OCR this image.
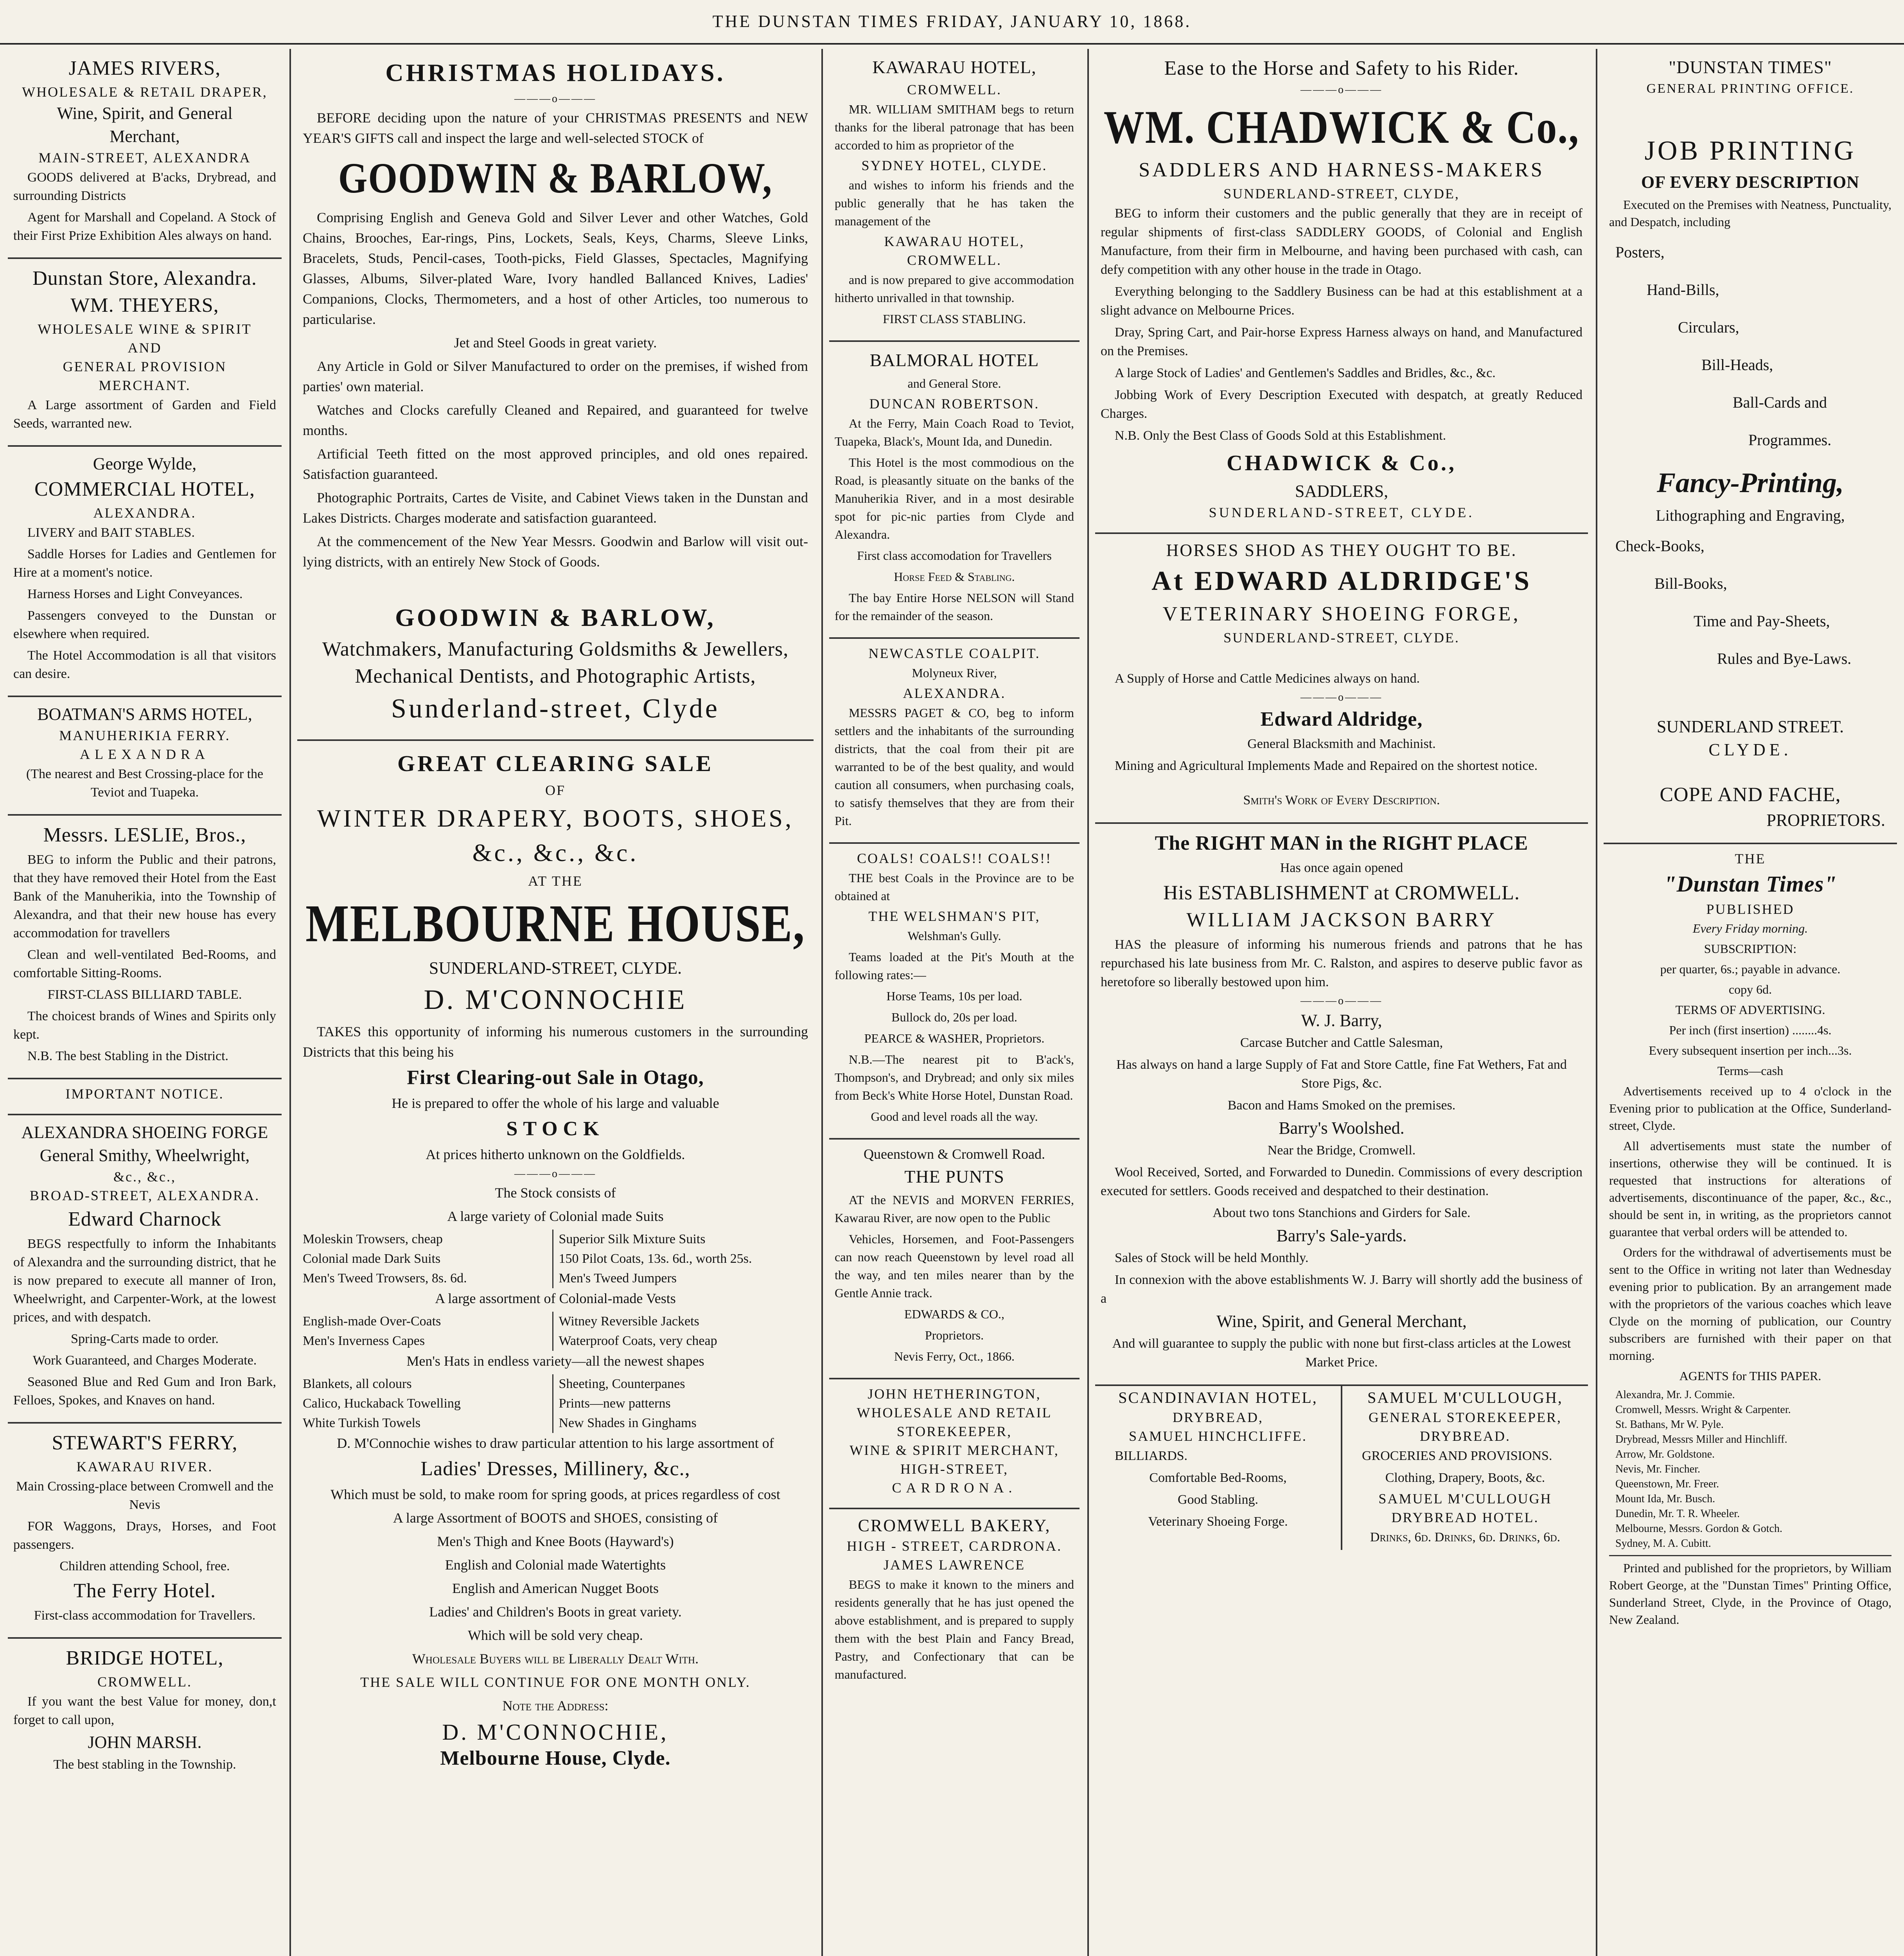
THE DUNSTAN TIMES FRIDAY, JANUARY 10, 1868.
JAMES RIVERS,
WHOLESALE & RETAIL DRAPER,
Wine, Spirit, and General
Merchant,
MAIN-STREET, ALEXANDRA
GOODS delivered at B'acks, Drybread, and surrounding Districts
Agent for Marshall and Copeland. A Stock of their First Prize Exhibition Ales always on hand.
Dunstan Store, Alexandra.
WM. THEYERS,
WHOLESALE WINE & SPIRIT
AND
GENERAL PROVISION
MERCHANT.
A Large assortment of Garden and Field Seeds, warranted new.
George Wylde,
COMMERCIAL HOTEL,
ALEXANDRA.
LIVERY and BAIT STABLES.
Saddle Horses for Ladies and Gentlemen for Hire at a moment's notice.
Harness Horses and Light Conveyances.
Passengers conveyed to the Dunstan or elsewhere when required.
The Hotel Accommodation is all that visitors can desire.
BOATMAN'S ARMS HOTEL,
MANUHERIKIA FERRY.
ALEXANDRA
(The nearest and Best Crossing-place for the Teviot and Tuapeka.
Messrs. LESLIE, Bros.,
BEG to inform the Public and their patrons, that they have removed their Hotel from the East Bank of the Manuherikia, into the Township of Alexandra, and that their new house has every accommodation for travellers
Clean and well-ventilated Bed-Rooms, and comfortable Sitting-Rooms.
FIRST-CLASS BILLIARD TABLE.
The choicest brands of Wines and Spirits only kept.
N.B. The best Stabling in the District.
IMPORTANT NOTICE.
ALEXANDRA SHOEING FORGE
General Smithy, Wheelwright,
&c., &c.,
BROAD-STREET, ALEXANDRA.
Edward Charnock
BEGS respectfully to inform the Inhabitants of Alexandra and the surrounding district, that he is now prepared to execute all manner of Iron, Wheelwright, and Carpenter-Work, at the lowest prices, and with despatch.
Spring-Carts made to order.
Work Guaranteed, and Charges Moderate.
Seasoned Blue and Red Gum and Iron Bark, Felloes, Spokes, and Knaves on hand.
STEWART'S FERRY,
KAWARAU RIVER.
Main Crossing-place between Cromwell and the Nevis
FOR Waggons, Drays, Horses, and Foot passengers.
Children attending School, free.
The Ferry Hotel.
First-class accommodation for Travellers.
BRIDGE HOTEL,
CROMWELL.
If you want the best Value for money, don,t forget to call upon,
JOHN MARSH.
The best stabling in the Township.
CHRISTMAS HOLIDAYS.
———o———
BEFORE deciding upon the nature of your CHRISTMAS PRESENTS and NEW YEAR'S GIFTS call and inspect the large and well-selected STOCK of
GOODWIN & BARLOW,
Comprising English and Geneva Gold and Silver Lever and other Watches, Gold Chains, Brooches, Ear-rings, Pins, Lockets, Seals, Keys, Charms, Sleeve Links, Bracelets, Studs, Pencil-cases, Tooth-picks, Field Glasses, Spectacles, Magnifying Glasses, Albums, Silver-plated Ware, Ivory handled Ballanced Knives, Ladies' Companions, Clocks, Thermometers, and a host of other Articles, too numerous to particularise.
Jet and Steel Goods in great variety.
Any Article in Gold or Silver Manufactured to order on the premises, if wished from parties' own material.
Watches and Clocks carefully Cleaned and Repaired, and guaranteed for twelve months.
Artificial Teeth fitted on the most approved principles, and old ones repaired. Satisfaction guaranteed.
Photographic Portraits, Cartes de Visite, and Cabinet Views taken in the Dunstan and Lakes Districts. Charges moderate and satisfaction guaranteed.
At the commencement of the New Year Messrs. Goodwin and Barlow will visit out-lying districts, with an entirely New Stock of Goods.
GOODWIN & BARLOW,
Watchmakers, Manufacturing Goldsmiths & Jewellers,
Mechanical Dentists, and Photographic Artists,
Sunderland-street, Clyde
GREAT CLEARING SALE
OF
WINTER DRAPERY, BOOTS, SHOES,
&c., &c., &c.
AT THE
MELBOURNE HOUSE,
SUNDERLAND-STREET, CLYDE.
D. M'CONNOCHIE
TAKES this opportunity of informing his numerous customers in the surrounding Districts that this being his
First Clearing-out Sale in Otago,
He is prepared to offer the whole of his large and valuable
STOCK
At prices hitherto unknown on the Goldfields.
———o———
The Stock consists of
A large variety of Colonial made Suits
Moleskin Trowsers, cheap	Superior Silk Mixture Suits
Colonial made Dark Suits	150 Pilot Coats, 13s. 6d., worth 25s.
Men's Tweed Trowsers, 8s. 6d.	Men's Tweed Jumpers
A large assortment of Colonial-made Vests
English-made Over-Coats	Witney Reversible Jackets
Men's Inverness Capes	Waterproof Coats, very cheap
Men's Hats in endless variety—all the newest shapes
Blankets, all colours	Sheeting, Counterpanes
Calico, Huckaback Towelling	Prints—new patterns
White Turkish Towels	New Shades in Ginghams
D. M'Connochie wishes to draw particular attention to his large assortment of
Ladies' Dresses, Millinery, &c.,
Which must be sold, to make room for spring goods, at prices regardless of cost
A large Assortment of BOOTS and SHOES, consisting of
Men's Thigh and Knee Boots (Hayward's)
English and Colonial made Watertights
English and American Nugget Boots
Ladies' and Children's Boots in great variety.
Which will be sold very cheap.
Wholesale Buyers will be Liberally Dealt With.
THE SALE WILL CONTINUE FOR ONE MONTH ONLY.
Note the Address:
D. M'CONNOCHIE,
Melbourne House, Clyde.
KAWARAU HOTEL,
CROMWELL.
MR. WILLIAM SMITHAM begs to return thanks for the liberal patronage that has been accorded to him as proprietor of the
SYDNEY HOTEL, CLYDE.
and wishes to inform his friends and the public generally that he has taken the management of the
KAWARAU HOTEL,
CROMWELL.
and is now prepared to give accommodation hitherto unrivalled in that township.
FIRST CLASS STABLING.
BALMORAL HOTEL
and General Store.
DUNCAN ROBERTSON.
At the Ferry, Main Coach Road to Teviot, Tuapeka, Black's, Mount Ida, and Dunedin.
This Hotel is the most commodious on the Road, is pleasantly situate on the banks of the Manuherikia River, and in a most desirable spot for pic-nic parties from Clyde and Alexandra.
First class accomodation for Travellers
Horse Feed & Stabling.
The bay Entire Horse NELSON will Stand for the remainder of the season.
NEWCASTLE COALPIT.
Molyneux River,
ALEXANDRA.
MESSRS PAGET & CO, beg to inform settlers and the inhabitants of the surrounding districts, that the coal from their pit are warranted to be of the best quality, and would caution all consumers, when purchasing coals, to satisfy themselves that they are from their Pit.
COALS! COALS!! COALS!!
THE best Coals in the Province are to be obtained at
THE WELSHMAN'S PIT,
Welshman's Gully.
Teams loaded at the Pit's Mouth at the following rates:—
Horse Teams, 10s per load.
Bullock do, 20s per load.
PEARCE & WASHER, Proprietors.
N.B.—The nearest pit to B'ack's, Thompson's, and Drybread; and only six miles from Beck's White Horse Hotel, Dunstan Road.
Good and level roads all the way.
Queenstown & Cromwell Road.
THE PUNTS
AT the NEVIS and MORVEN FERRIES, Kawarau River, are now open to the Public
Vehicles, Horsemen, and Foot-Passengers can now reach Queenstown by level road all the way, and ten miles nearer than by the Gentle Annie track.
EDWARDS & CO.,
Proprietors.
Nevis Ferry, Oct., 1866.
JOHN HETHERINGTON,
WHOLESALE AND RETAIL
STOREKEEPER,
WINE & SPIRIT MERCHANT,
HIGH-STREET,
CARDRONA.
CROMWELL BAKERY,
HIGH - STREET, CARDRONA.
JAMES LAWRENCE
BEGS to make it known to the miners and residents generally that he has just opened the above establishment, and is prepared to supply them with the best Plain and Fancy Bread, Pastry, and Confectionary that can be manufactured.
Ease to the Horse and Safety to his Rider.
———o———
WM. CHADWICK & Co.,
SADDLERS AND HARNESS-MAKERS
SUNDERLAND-STREET, CLYDE,
BEG to inform their customers and the public generally that they are in receipt of regular shipments of first-class SADDLERY GOODS, of Colonial and English Manufacture, from their firm in Melbourne, and having been purchased with cash, can defy competition with any other house in the trade in Otago.
Everything belonging to the Saddlery Business can be had at this establishment at a slight advance on Melbourne Prices.
Dray, Spring Cart, and Pair-horse Express Harness always on hand, and Manufactured on the Premises.
A large Stock of Ladies' and Gentlemen's Saddles and Bridles, &c., &c.
Jobbing Work of Every Description Executed with despatch, at greatly Reduced Charges.
N.B. Only the Best Class of Goods Sold at this Establishment.
CHADWICK & Co.,
SADDLERS,
SUNDERLAND-STREET, CLYDE.
HORSES SHOD AS THEY OUGHT TO BE.
At EDWARD ALDRIDGE'S
VETERINARY SHOEING FORGE,
SUNDERLAND-STREET, CLYDE.
A Supply of Horse and Cattle Medicines always on hand.
———o———
Edward Aldridge,
General Blacksmith and Machinist.
Mining and Agricultural Implements Made and Repaired on the shortest notice.
Smith's Work of Every Description.
The RIGHT MAN in the RIGHT PLACE
Has once again opened
His ESTABLISHMENT at CROMWELL.
WILLIAM JACKSON BARRY
HAS the pleasure of informing his numerous friends and patrons that he has repurchased his late business from Mr. C. Ralston, and aspires to deserve public favor as heretofore so liberally bestowed upon him.
———o———
W. J. Barry,
Carcase Butcher and Cattle Salesman,
Has always on hand a large Supply of Fat and Store Cattle, fine Fat Wethers, Fat and Store Pigs, &c.
Bacon and Hams Smoked on the premises.
Barry's Woolshed.
Near the Bridge, Cromwell.
Wool Received, Sorted, and Forwarded to Dunedin. Commissions of every description executed for settlers. Goods received and despatched to their destination.
About two tons Stanchions and Girders for Sale.
Barry's Sale-yards.
Sales of Stock will be held Monthly.
In connexion with the above establishments W. J. Barry will shortly add the business of a
Wine, Spirit, and General Merchant,
And will guarantee to supply the public with none but first-class articles at the Lowest Market Price.
SCANDINAVIAN HOTEL,
DRYBREAD,
SAMUEL HINCHCLIFFE.
BILLIARDS.
Comfortable Bed-Rooms,
Good Stabling.
Veterinary Shoeing Forge.
SAMUEL M'CULLOUGH,
GENERAL STOREKEEPER,
DRYBREAD.
GROCERIES AND PROVISIONS.
Clothing, Drapery, Boots, &c.
SAMUEL M'CULLOUGH
DRYBREAD HOTEL.
Drinks, 6d. Drinks, 6d. Drinks, 6d.
"DUNSTAN TIMES"
GENERAL PRINTING OFFICE.
JOB PRINTING
OF EVERY DESCRIPTION
Executed on the Premises with Neatness, Punctuality, and Despatch, including
Posters,
Hand-Bills,
Circulars,
Bill-Heads,
Ball-Cards and
Programmes.
Fancy-Printing,
Lithographing and Engraving,
Check-Books,
Bill-Books,
Time and Pay-Sheets,
Rules and Bye-Laws.
SUNDERLAND STREET.
CLYDE.
COPE AND FACHE,
PROPRIETORS.
THE
"Dunstan Times"
PUBLISHED
Every Friday morning.
SUBSCRIPTION:
per quarter, 6s.; payable in advance.
copy 6d.
TERMS OF ADVERTISING.
Per inch (first insertion) ........4s.
Every subsequent insertion per inch...3s.
Terms—cash
Advertisements received up to 4 o'clock in the Evening prior to publication at the Office, Sunderland-street, Clyde.
All advertisements must state the number of insertions, otherwise they will be continued. It is requested that instructions for alterations of advertisements, discontinuance of the paper, &c., &c., should be sent in, in writing, as the proprietors cannot guarantee that verbal orders will be attended to.
Orders for the withdrawal of advertisements must be sent to the Office in writing not later than Wednesday evening prior to publication. By an arrangement made with the proprietors of the various coaches which leave Clyde on the morning of publication, our Country subscribers are furnished with their paper on that morning.
AGENTS for THIS PAPER.
Alexandra, Mr. J. Commie.
Cromwell, Messrs. Wright & Carpenter.
St. Bathans, Mr W. Pyle.
Drybread, Messrs Miller and Hinchliff.
Arrow, Mr. Goldstone.
Nevis, Mr. Fincher.
Queenstown, Mr. Freer.
Mount Ida, Mr. Busch.
Dunedin, Mr. T. R. Wheeler.
Melbourne, Messrs. Gordon & Gotch.
Sydney, M. A. Cubitt.
Printed and published for the proprietors, by William Robert George, at the "Dunstan Times" Printing Office, Sunderland Street, Clyde, in the Province of Otago, New Zealand.
